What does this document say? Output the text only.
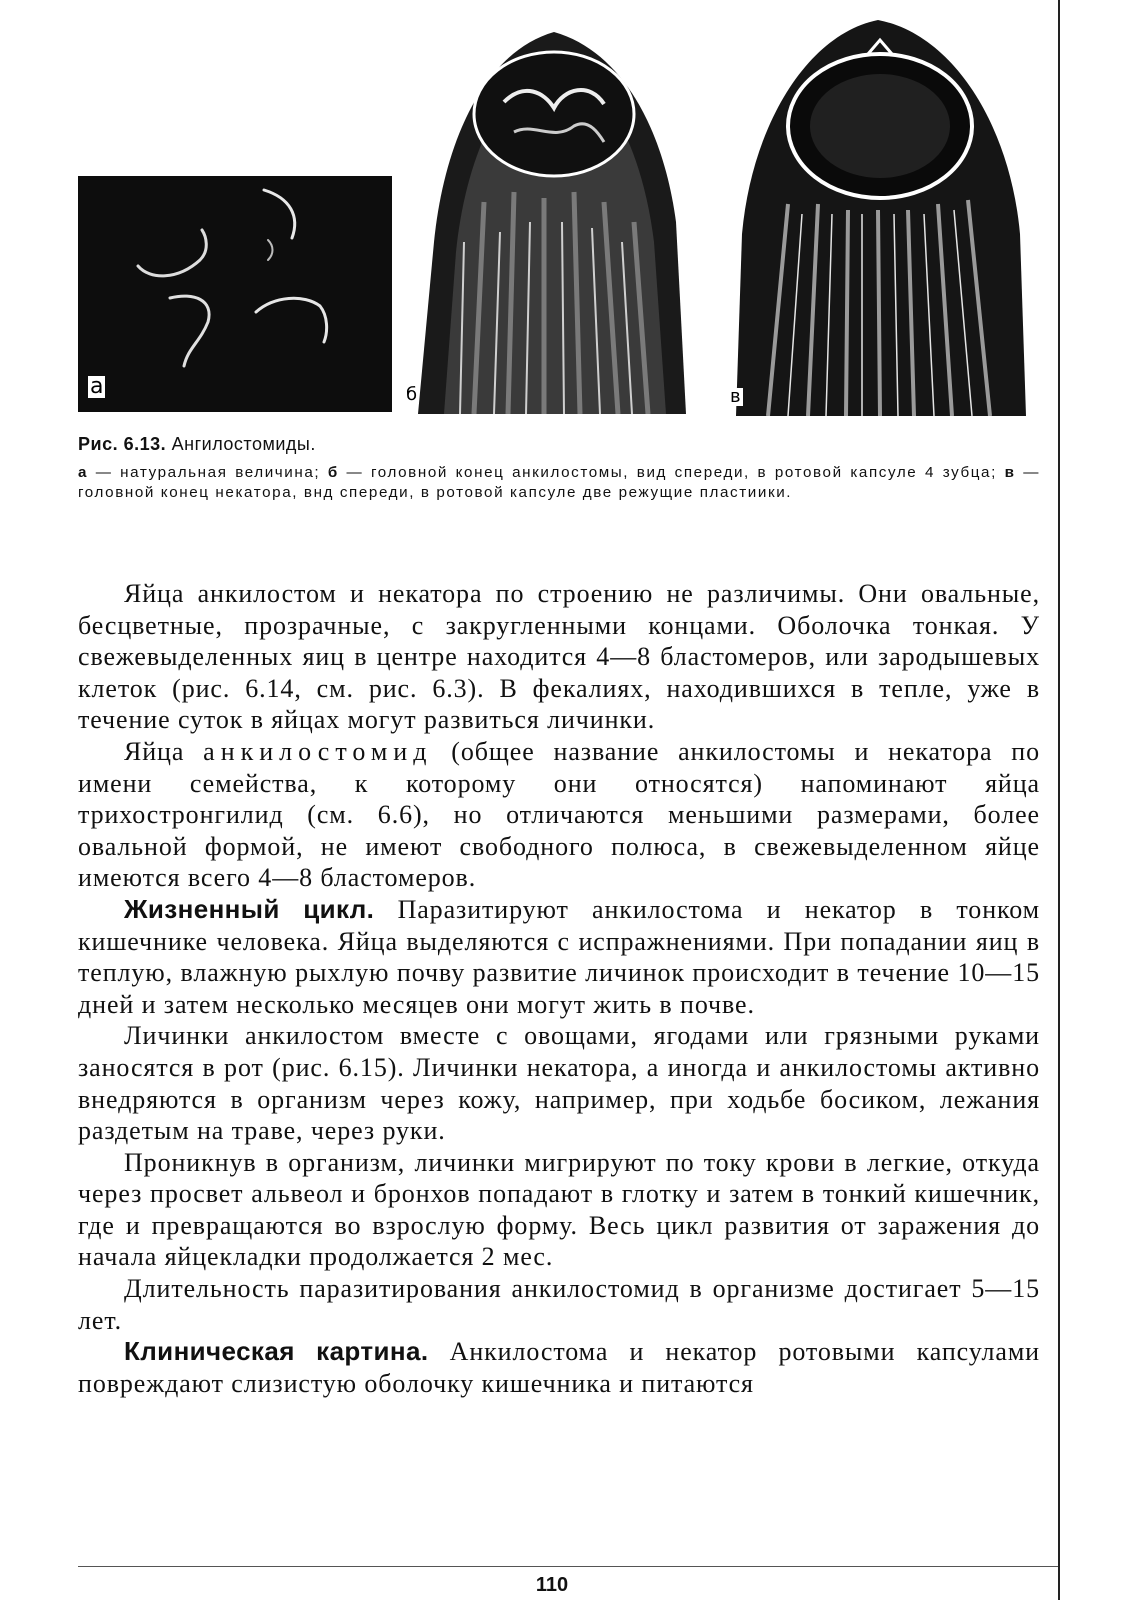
a	б	в

Рис. 6.13. Ангилостомиды.

а — натуральная величина; б — головной конец анкилостомы, вид спереди, в ротовой капсуле 4 зубца; в — головной конец некатора, внд спереди, в ротовой капсуле две режущие пластиики.

Яйца анкилостом и некатора по строению не различимы. Они овальные, бесцветные, прозрачные, с закругленными концами. Оболочка тонкая. У свежевыделенных яиц в центре находится 4—8 бластомеров, или зародышевых клеток (рис. 6.14, см. рис. 6.3). В фекалиях, находившихся в тепле, уже в течение суток в яйцах могут развиться личинки.

Яйца анкилостомид (общее название анкилостомы и некатора по имени семейства, к которому они относятся) напоминают яйца трихостронгилид (см. 6.6), но отличаются меньшими размерами, более овальной формой, не имеют свободного полюса, в свежевыделенном яйце имеются всего 4—8 бластомеров.

Жизненный цикл. Паразитируют анкилостома и некатор в тонком кишечнике человека. Яйца выделяются с испражнениями. При попадании яиц в теплую, влажную рыхлую почву развитие личинок происходит в течение 10—15 дней и затем несколько месяцев они могут жить в почве.

Личинки анкилостом вместе с овощами, ягодами или грязными руками заносятся в рот (рис. 6.15). Личинки некатора, а иногда и анкилостомы активно внедряются в организм через кожу, например, при ходьбе босиком, лежания раздетым на траве, через руки.

Проникнув в организм, личинки мигрируют по току крови в легкие, откуда через просвет альвеол и бронхов попадают в глотку и затем в тонкий кишечник, где и превращаются во взрослую форму. Весь цикл развития от заражения до начала яйцекладки продолжается 2 мес.

Длительность паразитирования анкилостомид в организме достигает 5—15 лет.

Клиническая картина. Анкилостома и некатор ротовыми капсулами повреждают слизистую оболочку кишечника и питаются

110
